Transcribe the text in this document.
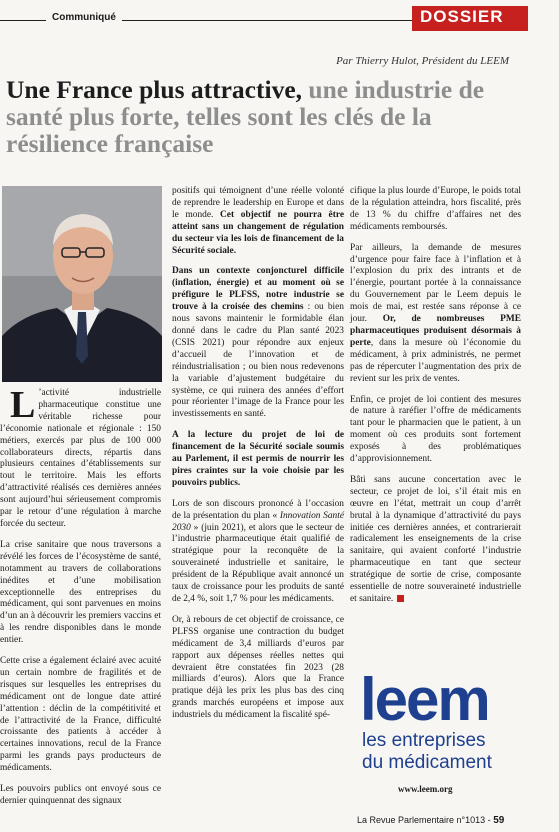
Communiqué	DOSSIER
Par Thierry Hulot, Président du LEEM
Une France plus attractive, une industrie de santé plus forte, telles sont les clés de la résilience française

L ’activité industrielle pharmaceutique constitue une véritable richesse pour l’économie nationale et régionale : 150 métiers, exercés par plus de 100 000 collaborateurs directs, répartis dans plusieurs centaines d’établissements sur tout le territoire. Mais les efforts d’attractivité réalisés ces dernières années sont aujourd’hui sérieusement compromis par le retour d’une régulation à marche forcée du secteur.

La crise sanitaire que nous traversons a révélé les forces de l’écosystème de santé, notamment au travers de collaborations inédites et d’une mobilisation exceptionnelle des entreprises du médicament, qui sont parvenues en moins d’un an à découvrir les premiers vaccins et à les rendre disponibles dans le monde entier.

Cette crise a également éclairé avec acuité un certain nombre de fragilités et de risques sur lesquelles les entreprises du médicament ont de longue date attiré l’attention : déclin de la compétitivité et de l’attractivité de la France, difficulté croissante des patients à accéder à certaines innovations, recul de la France parmi les grands pays producteurs de médicaments.

Les pouvoirs publics ont envoyé sous ce dernier quinquennat des signaux

positifs qui témoignent d’une réelle volonté de reprendre le leadership en Europe et dans le monde. Cet objectif ne pourra être atteint sans un changement de régulation du secteur via les lois de financement de la Sécurité sociale.

Dans un contexte conjoncturel difficile (inflation, énergie) et au moment où se préfigure le PLFSS, notre industrie se trouve à la croisée des chemins : ou bien nous savons maintenir le formidable élan donné dans le cadre du Plan santé 2023 (CSIS 2021) pour répondre aux enjeux d’accueil de l’innovation et de réindustrialisation ; ou bien nous redevenons la variable d’ajustement budgétaire du système, ce qui ruinera des années d’effort pour réorienter l’image de la France pour les investissements en santé.

A la lecture du projet de loi de financement de la Sécurité sociale soumis au Parlement, il est permis de nourrir les pires craintes sur la voie choisie par les pouvoirs publics.

Lors de son discours prononcé à l’occasion de la présentation du plan « Innovation Santé 2030 » (juin 2021), et alors que le secteur de l’industrie pharmaceutique était qualifié de stratégique pour la reconquête de la souveraineté industrielle et sanitaire, le président de la République avait annoncé un taux de croissance pour les produits de santé de 2,4 %, soit 1,7 % pour les médicaments.

Or, à rebours de cet objectif de croissance, ce PLFSS organise une contraction du budget médicament de 3,4 milliards d’euros par rapport aux dépenses réelles nettes qui devraient être constatées fin 2023 (28 milliards d’euros). Alors que la France pratique déjà les prix les plus bas des cinq grands marchés européens et impose aux industriels du médicament la fiscalité spé-

cifique la plus lourde d’Europe, le poids total de la régulation atteindra, hors fiscalité, près de 13 % du chiffre d’affaires net des médicaments remboursés.

Par ailleurs, la demande de mesures d’urgence pour faire face à l’inflation et à l’explosion du prix des intrants et de l’énergie, pourtant portée à la connaissance du Gouvernement par le Leem depuis le mois de mai, est restée sans réponse à ce jour. Or, de nombreuses PME pharmaceutiques produisent désormais à perte, dans la mesure où l’économie du médicament, à prix administrés, ne permet pas de répercuter l’augmentation des prix de revient sur les prix de ventes.

Enfin, ce projet de loi contient des mesures de nature à raréfier l’offre de médicaments tant pour le pharmacien que le patient, à un moment où ces produits sont fortement exposés à des problématiques d’approvisionnement.

Bâti sans aucune concertation avec le secteur, ce projet de loi, s’il était mis en œuvre en l’état, mettrait un coup d’arrêt brutal à la dynamique d’attractivité du pays initiée ces dernières années, et contrarierait radicalement les enseignements de la crise sanitaire, qui avaient conforté l’industrie pharmaceutique en tant que secteur stratégique de sortie de crise, composante essentielle de notre souveraineté industrielle et sanitaire.

leem
les entreprises
du médicament
www.leem.org
La Revue Parlementaire n°1013 - 59
